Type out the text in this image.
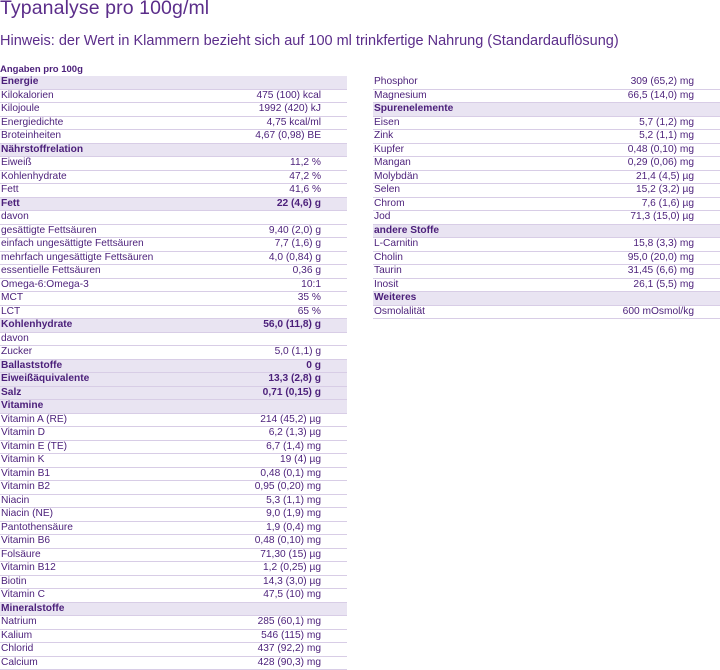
Typanalyse pro 100g/ml
Hinweis: der Wert in Klammern bezieht sich auf 100 ml trinkfertige Nahrung (Standardauflösung)
Angaben pro 100g
Energie
Kilokalorien	475 (100) kcal
Kilojoule	1992 (420) kJ
Energiedichte	4,75 kcal/ml
Broteinheiten	4,67 (0,98) BE
Nährstoffrelation
Eiweiß	11,2 %
Kohlenhydrate	47,2 %
Fett	41,6 %
Fett	22 (4,6) g
davon
gesättigte Fettsäuren	9,40 (2,0) g
einfach ungesättigte Fettsäuren	7,7 (1,6) g
mehrfach ungesättigte Fettsäuren	4,0 (0,84) g
essentielle Fettsäuren	0,36 g
Omega-6:Omega-3	10:1
MCT	35 %
LCT	65 %
Kohlenhydrate	56,0 (11,8) g
davon
Zucker	5,0 (1,1) g
Ballaststoffe	0 g
Eiweißäquivalente	13,3 (2,8) g
Salz	0,71 (0,15) g
Vitamine
Vitamin A (RE)	214 (45,2) µg
Vitamin D	6,2 (1,3) µg
Vitamin E (TE)	6,7 (1,4) mg
Vitamin K	19 (4) µg
Vitamin B1	0,48 (0,1) mg
Vitamin B2	0,95 (0,20) mg
Niacin	5,3 (1,1) mg
Niacin (NE)	9,0 (1,9) mg
Pantothensäure	1,9 (0,4) mg
Vitamin B6	0,48 (0,10) mg
Folsäure	71,30 (15) µg
Vitamin B12	1,2 (0,25) µg
Biotin	14,3 (3,0) µg
Vitamin C	47,5 (10) mg
Mineralstoffe
Natrium	285 (60,1) mg
Kalium	546 (115) mg
Chlorid	437 (92,2) mg
Calcium	428 (90,3) mg
Phosphor	309 (65,2) mg
Magnesium	66,5 (14,0) mg
Spurenelemente
Eisen	5,7 (1,2) mg
Zink	5,2 (1,1) mg
Kupfer	0,48 (0,10) mg
Mangan	0,29 (0,06) mg
Molybdän	21,4 (4,5) µg
Selen	15,2 (3,2) µg
Chrom	7,6 (1,6) µg
Jod	71,3 (15,0) µg
andere Stoffe
L-Carnitin	15,8 (3,3) mg
Cholin	95,0 (20,0) mg
Taurin	31,45 (6,6) mg
Inosit	26,1 (5,5) mg
Weiteres
Osmolalität	600 mOsmol/kg
